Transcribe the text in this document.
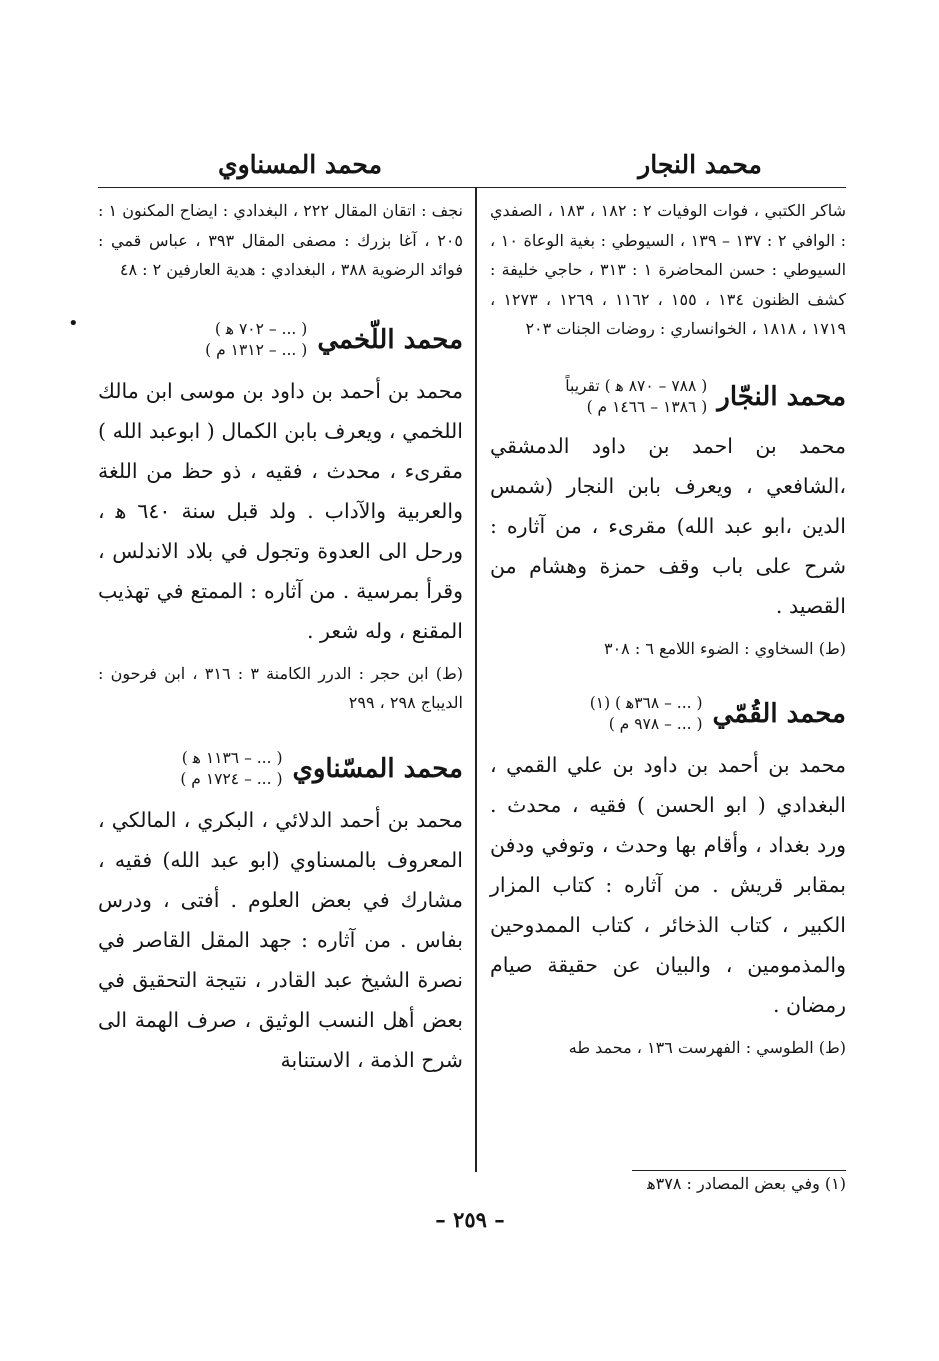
محمد النجار
محمد المسناوي
•
شاكر الكتبي ، فوات الوفيات ٢ : ١٨٢ ، ١٨٣ ، الصفدي : الوافي ٢ : ١٣٧ – ١٣٩ ، السيوطي : بغية الوعاة ١٠ ، السيوطي : حسن المحاضرة ١ : ٣١٣ ، حاجي خليفة : كشف الظنون ١٣٤ ، ١٥٥ ، ١١٦٢ ، ١٢٦٩ ، ١٢٧٣ ، ١٧١٩ ، ١٨١٨ ، الخوانساري : روضات الجنات ٢٠٣
محمد النجّار
( ٧٨٨ – ٨٧٠ ﻫ ) تقريباً
( ١٣٨٦ – ١٤٦٦ م )
محمد بن احمد بن داود الدمشقي ،الشافعي ، ويعرف بابن النجار (شمس الدين ،ابو عبد الله) مقرىء ، من آثاره : شرح على باب وقف حمزة وهشام من القصيد .
(ط) السخاوي : الضوء اللامع ٦ : ٣٠٨
محمد القُمّي
( ... – ٣٦٨ﻫ ) (١)
( ... – ٩٧٨ م )
محمد بن أحمد بن داود بن علي القمي ، البغدادي ( ابو الحسن ) فقيه ، محدث . ورد بغداد ، وأقام بها وحدث ، وتوفي ودفن بمقابر قريش . من آثاره : كتاب المزار الكبير ، كتاب الذخائر ، كتاب الممدوحين والمذمومين ، والبيان عن حقيقة صيام رمضان .
(ط) الطوسي : الفهرست ١٣٦ ، محمد طه
نجف : اتقان المقال ٢٢٢ ، البغدادي : ايضاح المكنون ١ : ٢٠٥ ، آغا بزرك : مصفى المقال ٣٩٣ ، عباس قمي : فوائد الرضوية ٣٨٨ ، البغدادي : هدية العارفين ٢ : ٤٨
محمد اللّخمي
( ... – ٧٠٢ ﻫ )
( ... – ١٣١٢ م )
محمد بن أحمد بن داود بن موسى ابن مالك اللخمي ، ويعرف بابن الكمال ( ابوعبد الله ) مقرىء ، محدث ، فقيه ، ذو حظ من اللغة والعربية والآداب . ولد قبل سنة ٦٤٠ ﻫ ، ورحل الى العدوة وتجول في بلاد الاندلس ، وقرأ بمرسية . من آثاره : الممتع في تهذيب المقنع ، وله شعر .
(ط) ابن حجر : الدرر الكامنة ٣ : ٣١٦ ، ابن فرحون : الديباج ٢٩٨ ، ٢٩٩
محمد المسّناوي
( ... – ١١٣٦ ﻫ )
( ... – ١٧٢٤ م )
محمد بن أحمد الدلائي ، البكري ، المالكي ، المعروف بالمسناوي (ابو عبد الله) فقيه ، مشارك في بعض العلوم . أفتى ، ودرس بفاس . من آثاره : جهد المقل القاصر في نصرة الشيخ عبد القادر ، نتيجة التحقيق في بعض أهل النسب الوثيق ، صرف الهمة الى شرح الذمة ، الاستنابة
(١) وفي بعض المصادر : ٣٧٨ﻫ
– ٢٥٩ –
